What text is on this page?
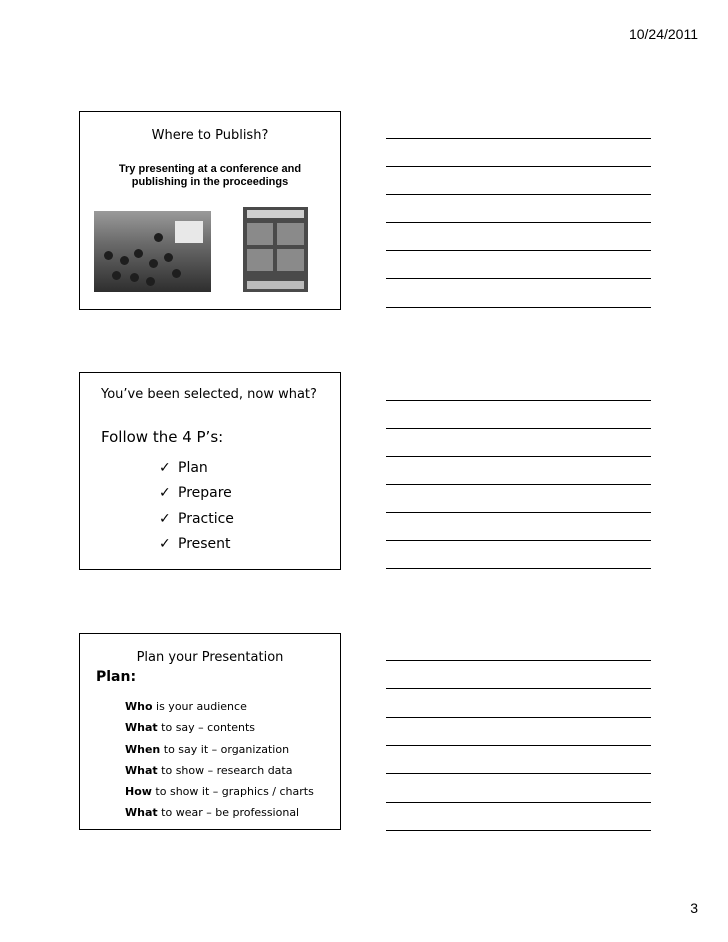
10/24/2011
Where to Publish?
Try presenting at a conference and publishing in the proceedings
You’ve been selected, now what?
Follow the 4 P’s:
✓ Plan
✓ Prepare
✓ Practice
✓ Present
Plan your Presentation
Plan:
Who is your audience
What to say – contents
When to say it – organization
What to show – research data
How to show it – graphics / charts
What to wear – be professional
3
